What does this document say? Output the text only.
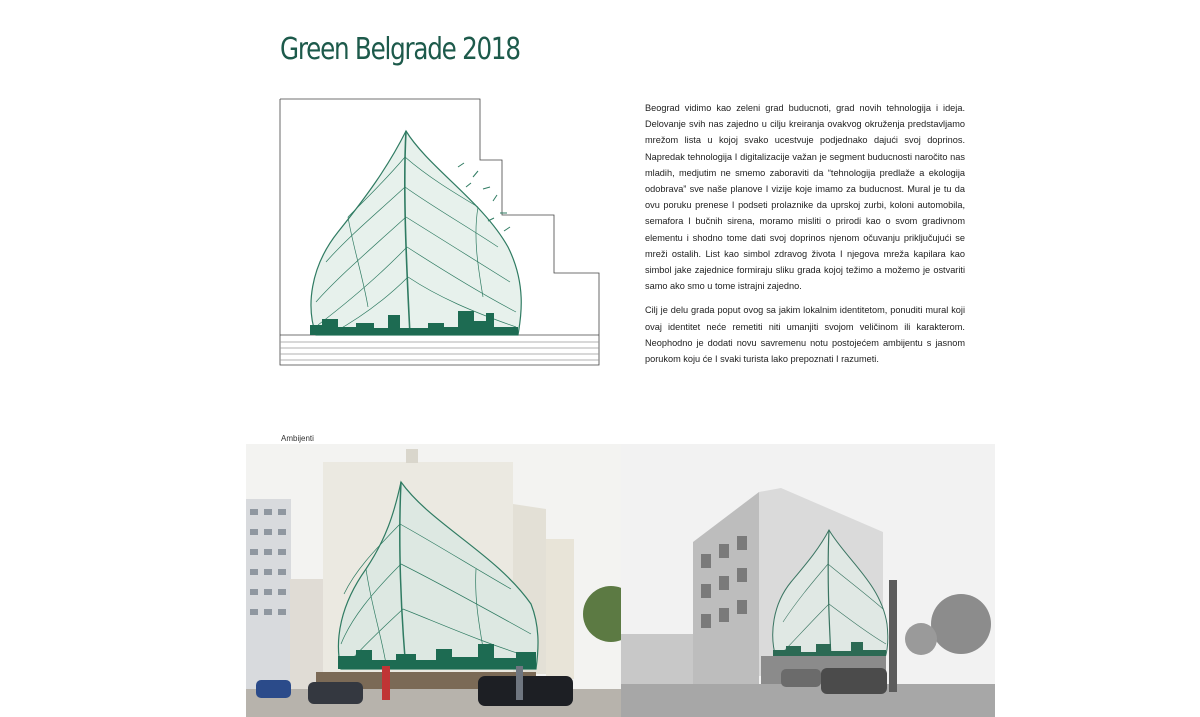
Green Belgrade 2018

Beograd vidimo kao zeleni grad buducnoti, grad novih tehnologija i ideja. Delovanje svih nas zajedno u cilju kreiranja ovakvog okruženja predstavljamo mrežom lista u kojoj svako ucestvuje podjednako dajući svoj doprinos. Napredak tehnologija I digitalizacije važan je segment buducnosti naročito nas mladih, medjutim ne smemo zaboraviti da “tehnologija predlaže a ekologija odobrava” sve naše planove I vizije koje imamo za buducnost. Mural je tu da ovu poruku prenese I podseti prolaznike da uprskoj zurbi, koloni automobila, semafora I bučnih sirena, moramo misliti o prirodi kao o svom gradivnom elementu i shodno tome dati svoj doprinos njenom očuvanju priključujući se mreži ostalih. List kao simbol zdravog života I njegova mreža kapilara kao simbol jake zajednice formiraju sliku grada kojoj težimo a možemo je ostvariti samo ako smo u tome istrajni zajedno.

Cilj je delu grada poput ovog sa jakim lokalnim identitetom, ponuditi mural koji ovaj identitet neće remetiti niti umanjiti svojom veličinom ili karakterom. Neophodno je dodati novu savremenu notu postojećem ambijentu s jasnom porukom koju će I svaki turista lako prepoznati I razumeti.

Ambijenti
